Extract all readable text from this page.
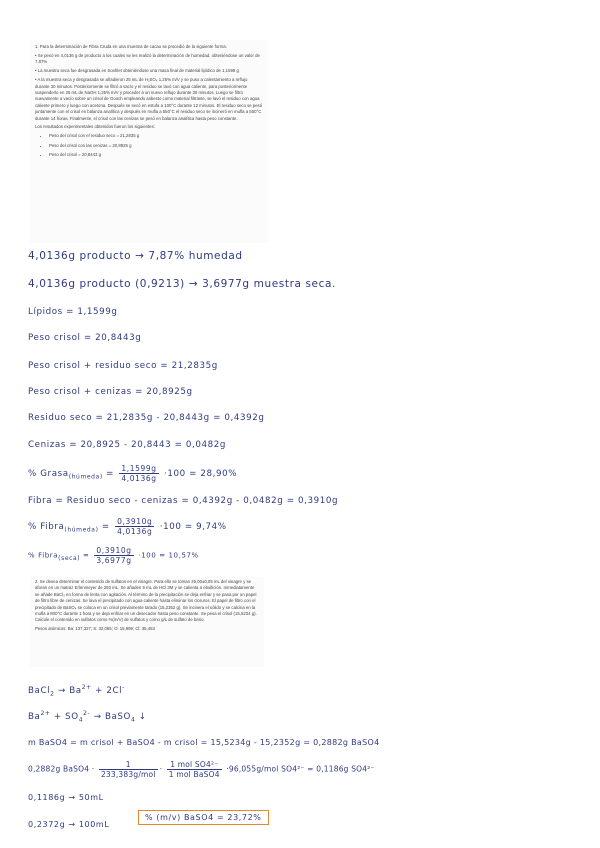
1. Para la determinación de Fibra Cruda en una muestra de cacao se procedió de la siguiente forma:

• Se pesó en 4,0136 g de producto a los cuales se les realizó la determinación de humedad, obteniéndose un valor de 7,87%

• La muestra seca fue desgrasada en Soxhlet obteniéndose una masa final de material lipídico de 1,1599 g

• A la muestra seca y desgrasada se añadieron 25 mL de H₂SO₄ 1,25% m/V y se puso a calentamiento a reflujo durante 30 minutos. Posteriormente se filtró a vacío y el residuo se lavó con agua caliente, para posteriormente suspenderlo en 25 mL de NaOH 1,25% m/V y proceder a un nuevo reflujo durante 30 minutos. Luego se filtró nuevamente a vacío sobre un crisol de Gooch empleando asbesto como material filtrante, se lavó el residuo con agua caliente primero y luego con acetona. Después se secó en estufa a 100°C durante 12 minutos. El residuo seco se pesó juntamente con el crisol en balanza analítica y después en mufla a 550°C el residuo seco se incineró en mufla a 550°C durante 14 horas. Finalmente, el crisol con las cenizas se pesó en balanza analítica hasta peso constante.

Los resultados experimentales obtenidos fueron los siguientes:

• Peso del crisol con el residuo seco = 21,2835 g
• Peso del crisol con las cenizas = 20,8925 g
• Peso del crisol = 20,8443 g

4,0136g producto → 7,87% humedad

4,0136g producto (0,9213) → 3,6977g muestra seca.

Lípidos = 1,1599g

Peso crisol = 20,8443g

Peso crisol + residuo seco = 21,2835g

Peso crisol + cenizas = 20,8925g

Residuo seco = 21,2835g - 20,8443g = 0,4392g

Cenizas = 20,8925 - 20,8443 = 0,0482g

% Grasa$_{(húmeda)}$ = $\frac{1,1599g}{4,0136g} \cdot 100 = 28,90\%$

Fibra = Residuo seco - cenizas = 0,4392g - 0,0482g = 0,3910g

% Fibra$_{(húmeda)}$ = $\frac{0,3910g}{4,0136g} \cdot 100 = 9,74\%$
% Fibra$_{(seca)}$ = $\frac{0,3910g}{3,6977g} \cdot 100 = 10,57\%$

2. Se desea determinar el contenido de sulfatos en el vinagre. Para ello se toman 25,00±0,05 mL del vinagre y se aforan en un matraz Erlenmeyer de 250 mL. Se añaden 5 mL de HCl 3M y se calienta a ebullición. Inmediatamente se añade BaCl₂ en forma de lenta con agitación. Al término de la precipitación se deja enfriar y se pasa por un papel de filtro libre de cenizas. Se lava el precipitado con agua caliente hasta eliminar los cloruros. El papel de filtro con el precipitado de BaSO₄ se coloca en un crisol previamente tarado (15,2352 g). Se incinera el sólido y se calcina en la mufla a 800°C durante 1 hora y se deja enfriar en un desecador hasta peso constante. Se pesa el crisol (15,5234 g). Calcule el contenido en sulfatos como %(m/V) de sulfatos y como g/L de sulfato de bario.

Pesos atómicos: Ba: 137,327; S: 32,065; O: 15,999; Cl: 35,453

BaCl$_2$ → $Ba^{2+} + 2Cl^-$
$Ba^{2+} + SO_4^{2-}$ → BaSO$_4$ ↓

m BaSO4 = m crisol + BaSO4 - m crisol = 15,5234g - 15,2352g = 0,2882g BaSO4

0,2882g BaSO4 · $\frac{1}{\text{233,383g/mol}} \cdot \frac{\text{1 mol SO4²⁻}}{\text{1 mol BaSO4}} \cdot 96,055g/mol$ SO4²⁻ = 0,1186g SO4²⁻

0,1186g → 50mL

0,2372g → 100mL

% (m/v) BaSO4 = 23,72%
